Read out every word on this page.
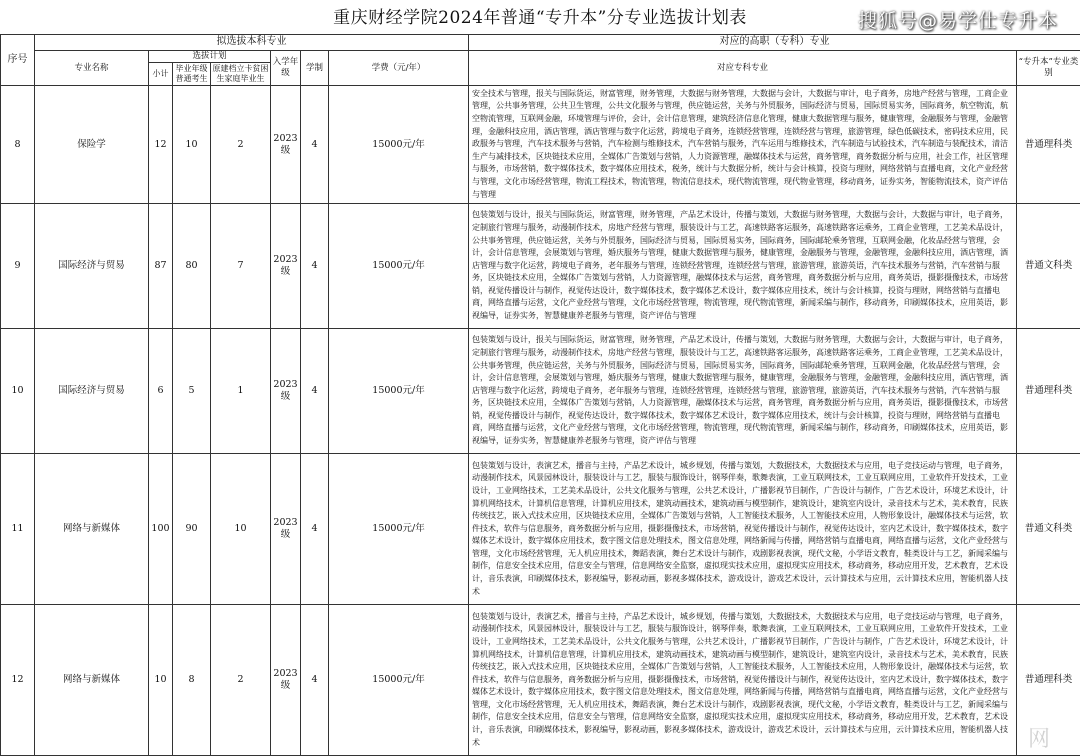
重庆财经学院2024年普通“专升本”分专业选拔计划表	搜狐号@易学仕专升本
序号	拟选拔本科专业							对应的高职（专科）专业	
	专业名称	选拔计划			入学年级	学制	学费（元/年）	对应专科专业	“专升本”专业类别
		小计	毕业年级普通考生	原建档立卡贫困生家庭毕业生					
8	保险学	12	10	2	2023级	4	15000元/年	安全技术与管理，报关与国际货运，财富管理，财务管理，大数据与财务管理，大数据与会计，大数据与审计，电子商务，房地产经营与管理，工商企业管理，公共事务管理，公共卫生管理，公共文化服务与管理，供应链运营，关务与外贸服务，国际经济与贸易，国际贸易实务，国际商务，航空物流，航空物流管理，互联网金融，环境管理与评价，会计，会计信息管理，建筑经济信息化管理，健康大数据管理与服务，健康管理，金融服务与管理，金融管理，金融科技应用，酒店管理，酒店管理与数字化运营，跨境电子商务，连锁经营管理，连锁经营与管理，旅游管理，绿色低碳技术，密码技术应用，民政服务与管理，汽车技术服务与营销，汽车检测与维修技术，汽车营销与服务，汽车运用与维修技术，汽车制造与试验技术，汽车制造与装配技术，清洁生产与减排技术，区块链技术应用，全媒体广告策划与营销，人力资源管理，融媒体技术与运营，商务管理，商务数据分析与应用，社会工作，社区管理与服务，市场营销，数字媒体技术，数字媒体应用技术，税务，统计与大数据分析，统计与会计核算，投资与理财，网络营销与直播电商，文化产业经营与管理，文化市场经营管理，物流工程技术，物流管理，物流信息技术，现代物流管理，现代物业管理，移动商务，证券实务，智能物流技术，资产评估与管理	普通理科类
9	国际经济与贸易	87	80	7	2023级	4	15000元/年	包装策划与设计，报关与国际货运，财富管理，财务管理，产品艺术设计，传播与策划，大数据与财务管理，大数据与会计，大数据与审计，电子商务，定制旅行管理与服务，动漫制作技术，房地产经营与管理，服装设计与工艺，高速铁路客运服务，高速铁路客运乘务，工商企业管理，工艺美术品设计，公共事务管理，供应链运营，关务与外贸服务，国际经济与贸易，国际贸易实务，国际商务，国际邮轮乘务管理，互联网金融，化妆品经营与管理，会计，会计信息管理，会展策划与管理，婚庆服务与管理，健康大数据管理与服务，健康管理，金融服务与管理，金融管理，金融科技应用，酒店管理，酒店管理与数字化运营，跨境电子商务，老年服务与管理，连锁经营管理，连锁经营与管理，旅游管理，旅游英语，汽车技术服务与营销，汽车营销与服务，区块链技术应用，全媒体广告策划与营销，人力资源管理，融媒体技术与运营，商务管理，商务数据分析与应用，商务英语，摄影摄像技术，市场营销，视觉传播设计与制作，视觉传达设计，数字媒体技术，数字媒体艺术设计，数字媒体应用技术，统计与会计核算，投资与理财，网络营销与直播电商，网络直播与运营，文化产业经营与管理，文化市场经营管理，物流管理，现代物流管理，新闻采编与制作，移动商务，印刷媒体技术，应用英语，影视编导，证券实务，智慧健康养老服务与管理，资产评估与管理	普通文科类
10	国际经济与贸易	6	5	1	2023级	4	15000元/年	包装策划与设计，报关与国际货运，财富管理，财务管理，产品艺术设计，传播与策划，大数据与财务管理，大数据与会计，大数据与审计，电子商务，定制旅行管理与服务，动漫制作技术，房地产经营与管理，服装设计与工艺，高速铁路客运服务，高速铁路客运乘务，工商企业管理，工艺美术品设计，公共事务管理，供应链运营，关务与外贸服务，国际经济与贸易，国际贸易实务，国际商务，国际邮轮乘务管理，互联网金融，化妆品经营与管理，会计，会计信息管理，会展策划与管理，婚庆服务与管理，健康大数据管理与服务，健康管理，金融服务与管理，金融管理，金融科技应用，酒店管理，酒店管理与数字化运营，跨境电子商务，老年服务与管理，连锁经营管理，连锁经营与管理，旅游管理，旅游英语，汽车技术服务与营销，汽车营销与服务，区块链技术应用，全媒体广告策划与营销，人力资源管理，融媒体技术与运营，商务管理，商务数据分析与应用，商务英语，摄影摄像技术，市场营销，视觉传播设计与制作，视觉传达设计，数字媒体技术，数字媒体艺术设计，数字媒体应用技术，统计与会计核算，投资与理财，网络营销与直播电商，网络直播与运营，文化产业经营与管理，文化市场经营管理，物流管理，现代物流管理，新闻采编与制作，移动商务，印刷媒体技术，应用英语，影视编导，证券实务，智慧健康养老服务与管理，资产评估与管理	普通理科类
11	网络与新媒体	100	90	10	2023级	4	15000元/年	包装策划与设计，表演艺术，播音与主持，产品艺术设计，城乡规划，传播与策划，大数据技术，大数据技术与应用，电子竞技运动与管理，电子商务，动漫制作技术，风景园林设计，服装设计与工艺，服装与服饰设计，钢琴伴奏，歌舞表演，工业互联网技术，工业互联网应用，工业软件开发技术，工业设计，工业网络技术，工艺美术品设计，公共文化服务与管理，公共艺术设计，广播影视节目制作，广告设计与制作，广告艺术设计，环境艺术设计，计算机网络技术，计算机信息管理，计算机应用技术，建筑动画技术，建筑动画与模型制作，建筑设计，建筑室内设计，录音技术与艺术，美术教育，民族传统技艺，嵌入式技术应用，区块链技术应用，全媒体广告策划与营销，人工智能技术服务，人工智能技术应用，人物形象设计，融媒体技术与运营，软件技术，软件与信息服务，商务数据分析与应用，摄影摄像技术，市场营销，视觉传播设计与制作，视觉传达设计，室内艺术设计，数字媒体技术，数字媒体艺术设计，数字媒体应用技术，数字图文信息处理技术，图文信息处理，网络新闻与传播，网络营销与直播电商，网络直播与运营，文化产业经营与管理，文化市场经营管理，无人机应用技术，舞蹈表演，舞台艺术设计与制作，戏剧影视表演，现代文秘，小学语文教育，鞋类设计与工艺，新闻采编与制作，信息安全技术应用，信息安全与管理，信息网络安全监察，虚拟现实技术应用，虚拟现实应用技术，移动商务，移动应用开发，艺术教育，艺术设计，音乐表演，印刷媒体技术，影视编导，影视动画，影视多媒体技术，游戏设计，游戏艺术设计，云计算技术与应用，云计算技术应用，智能机器人技术	普通文科类
12	网络与新媒体	10	8	2	2023级	4	15000元/年	包装策划与设计，表演艺术，播音与主持，产品艺术设计，城乡规划，传播与策划，大数据技术，大数据技术与应用，电子竞技运动与管理，电子商务，动漫制作技术，风景园林设计，服装设计与工艺，服装与服饰设计，钢琴伴奏，歌舞表演，工业互联网技术，工业互联网应用，工业软件开发技术，工业设计，工业网络技术，工艺美术品设计，公共文化服务与管理，公共艺术设计，广播影视节目制作，广告设计与制作，广告艺术设计，环境艺术设计，计算机网络技术，计算机信息管理，计算机应用技术，建筑动画技术，建筑动画与模型制作，建筑设计，建筑室内设计，录音技术与艺术，美术教育，民族传统技艺，嵌入式技术应用，区块链技术应用，全媒体广告策划与营销，人工智能技术服务，人工智能技术应用，人物形象设计，融媒体技术与运营，软件技术，软件与信息服务，商务数据分析与应用，摄影摄像技术，市场营销，视觉传播设计与制作，视觉传达设计，室内艺术设计，数字媒体技术，数字媒体艺术设计，数字媒体应用技术，数字图文信息处理技术，图文信息处理，网络新闻与传播，网络营销与直播电商，网络直播与运营，文化产业经营与管理，文化市场经营管理，无人机应用技术，舞蹈表演，舞台艺术设计与制作，戏剧影视表演，现代文秘，小学语文教育，鞋类设计与工艺，新闻采编与制作，信息安全技术应用，信息安全与管理，信息网络安全监察，虚拟现实技术应用，虚拟现实应用技术，移动商务，移动应用开发，艺术教育，艺术设计，音乐表演，印刷媒体技术，影视编导，影视动画，影视多媒体技术，游戏设计，游戏艺术设计，云计算技术与应用，云计算技术应用，智能机器人技术	普通理科类
网
